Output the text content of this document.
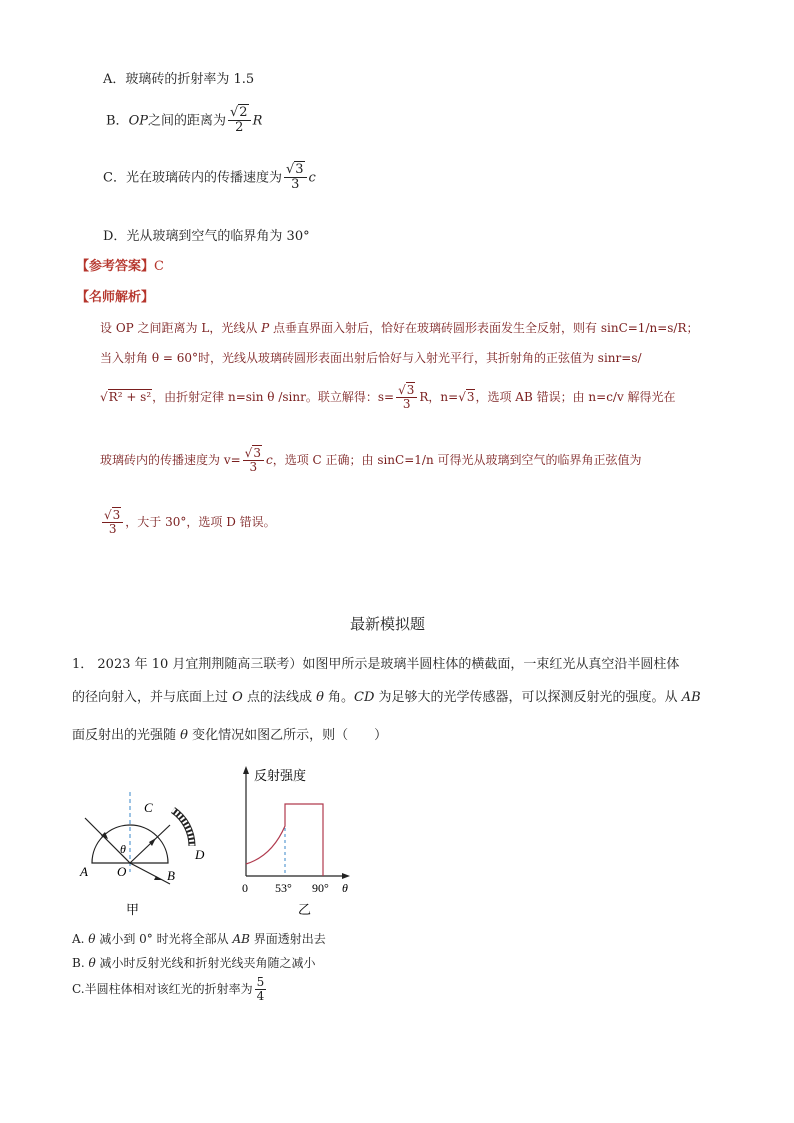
A．玻璃砖的折射率为 1.5
B．OP之间的距离为 $\frac{√2}{2}$ R
C．光在玻璃砖内的传播速度为 $\frac{√3}{3}$ c
D．光从玻璃到空气的临界角为 30°
【参考答案】C
【名师解析】
设 OP 之间距离为 L，光线从 P 点垂直界面入射后，恰好在玻璃砖圆形表面发生全反射，则有 sinC=1/n=s/R；
当入射角 θ = 60°时，光线从玻璃砖圆形表面出射后恰好与入射光平行，其折射角的正弦值为 sinr=s/
√R² + s²，由折射定律 n=sin θ /sinr。联立解得：$s= \frac{√3}{3}$ R，n=√3，选项 AB 错误；由 n=c/v 解得光在
玻璃砖内的传播速度为 $v= \frac{√3}{3}$ c，选项 C 正确；由 sinC=1/n 可得光从玻璃到空气的临界角正弦值为
$\frac{√3}{3}$ ，大于 30°，选项 D 错误。
最新模拟题
1． 2023 年 10 月宜荆荆随高三联考）如图甲所示是玻璃半圆柱体的横截面，一束红光从真空沿半圆柱体
的径向射入，并与底面上过 O 点的法线成 θ 角。CD 为足够大的光学传感器，可以探测反射光的强度。从 AB
面反射出的光强随 θ 变化情况如图乙所示，则（　　）
C
θ
A O	B
D
甲
反射强度
0 53° 90° θ
乙
A. θ 减小到 0° 时光将全部从 AB 界面透射出去
B. θ 减小时反射光线和折射光线夹角随之减小
C.半圆柱体相对该红光的折射率为 $\frac{5}{4}$
